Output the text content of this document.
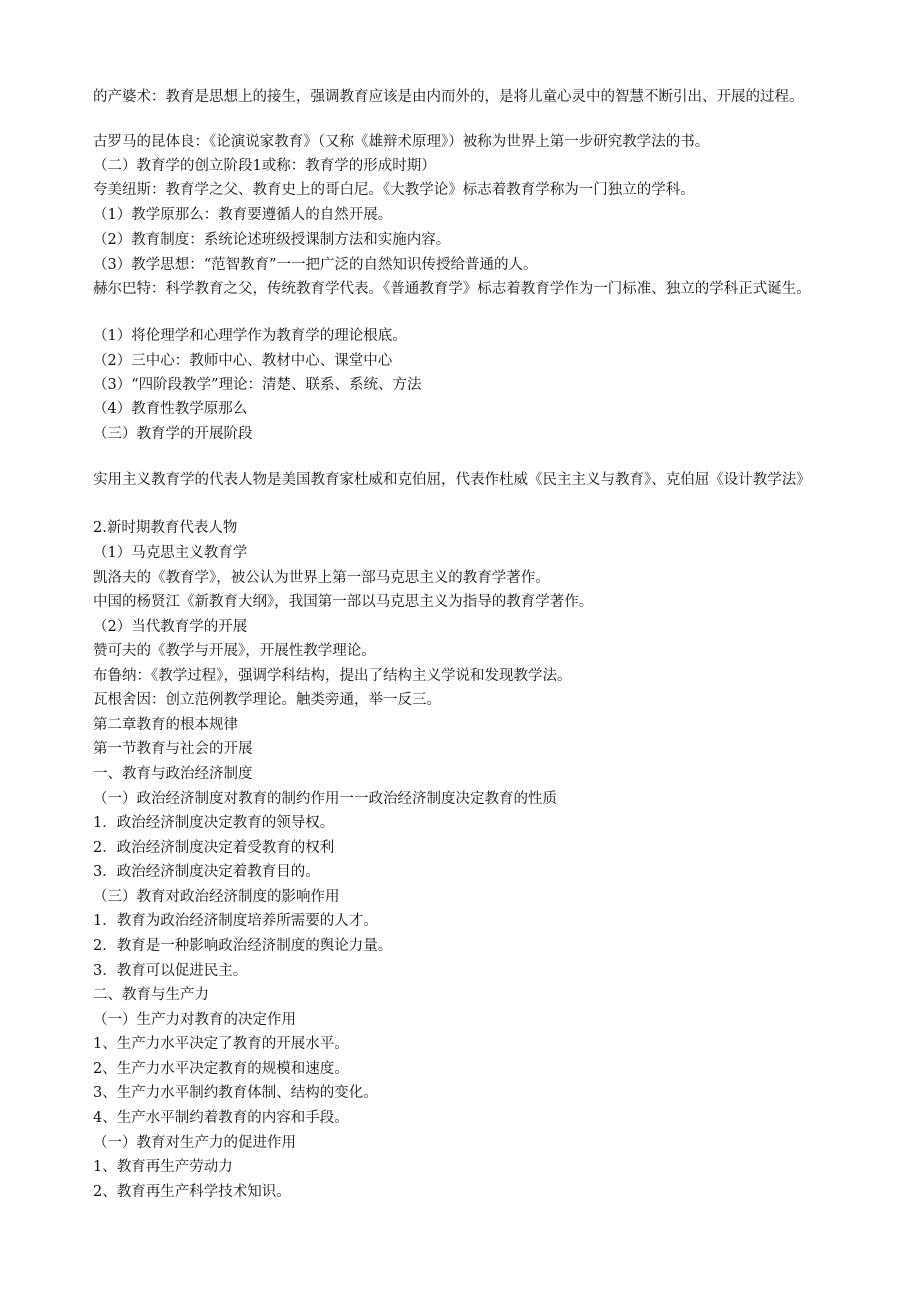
的产婆术：教育是思想上的接生，强调教育应该是由内而外的，是将儿童心灵中的智慧不断引出、开展的过程。
古罗马的昆体良：《论演说家教育》（又称《雄辩术原理》）被称为世界上第一步研究教学法的书。
（二）教育学的创立阶段1或称：教育学的形成时期）
夸美纽斯：教育学之父、教育史上的哥白尼。《大教学论》标志着教育学称为一门独立的学科。
（1）教学原那么：教育要遵循人的自然开展。
（2）教育制度：系统论述班级授课制方法和实施内容。
（3）教学思想：“范智教育”一一把广泛的自然知识传授给普通的人。
赫尔巴特：科学教育之父，传统教育学代表。《普通教育学》标志着教育学作为一门标准、独立的学科正式诞生。
（1）将伦理学和心理学作为教育学的理论根底。
（2）三中心：教师中心、教材中心、课堂中心
（3）“四阶段教学”理论：清楚、联系、系统、方法
（4）教育性教学原那么
（三）教育学的开展阶段
实用主义教育学的代表人物是美国教育家杜威和克伯屈，代表作杜威《民主主义与教育》、克伯屈《设计教学法》
2.新时期教育代表人物
（1）马克思主义教育学
凯洛夫的《教育学》，被公认为世界上第一部马克思主义的教育学著作。
中国的杨贤江《新教育大纲》，我国第一部以马克思主义为指导的教育学著作。
（2）当代教育学的开展
赞可夫的《教学与开展》，开展性教学理论。
布鲁纳：《教学过程》，强调学科结构，提出了结构主义学说和发现教学法。
瓦根舍因：创立范例教学理论。触类旁通，举一反三。
第二章教育的根本规律
第一节教育与社会的开展
一、教育与政治经济制度
（一）政治经济制度对教育的制约作用一一政治经济制度决定教育的性质
1．政治经济制度决定教育的领导权。
2．政治经济制度决定着受教育的权利
3．政治经济制度决定着教育目的。
（三）教育对政治经济制度的影响作用
1．教育为政治经济制度培养所需要的人才。
2．教育是一种影响政治经济制度的舆论力量。
3．教育可以促进民主。
二、教育与生产力
（一）生产力对教育的决定作用
1、生产力水平决定了教育的开展水平。
2、生产力水平决定教育的规模和速度。
3、生产力水平制约教育体制、结构的变化。
4、生产水平制约着教育的内容和手段。
（一）教育对生产力的促进作用
1、教育再生产劳动力
2、教育再生产科学技术知识。
